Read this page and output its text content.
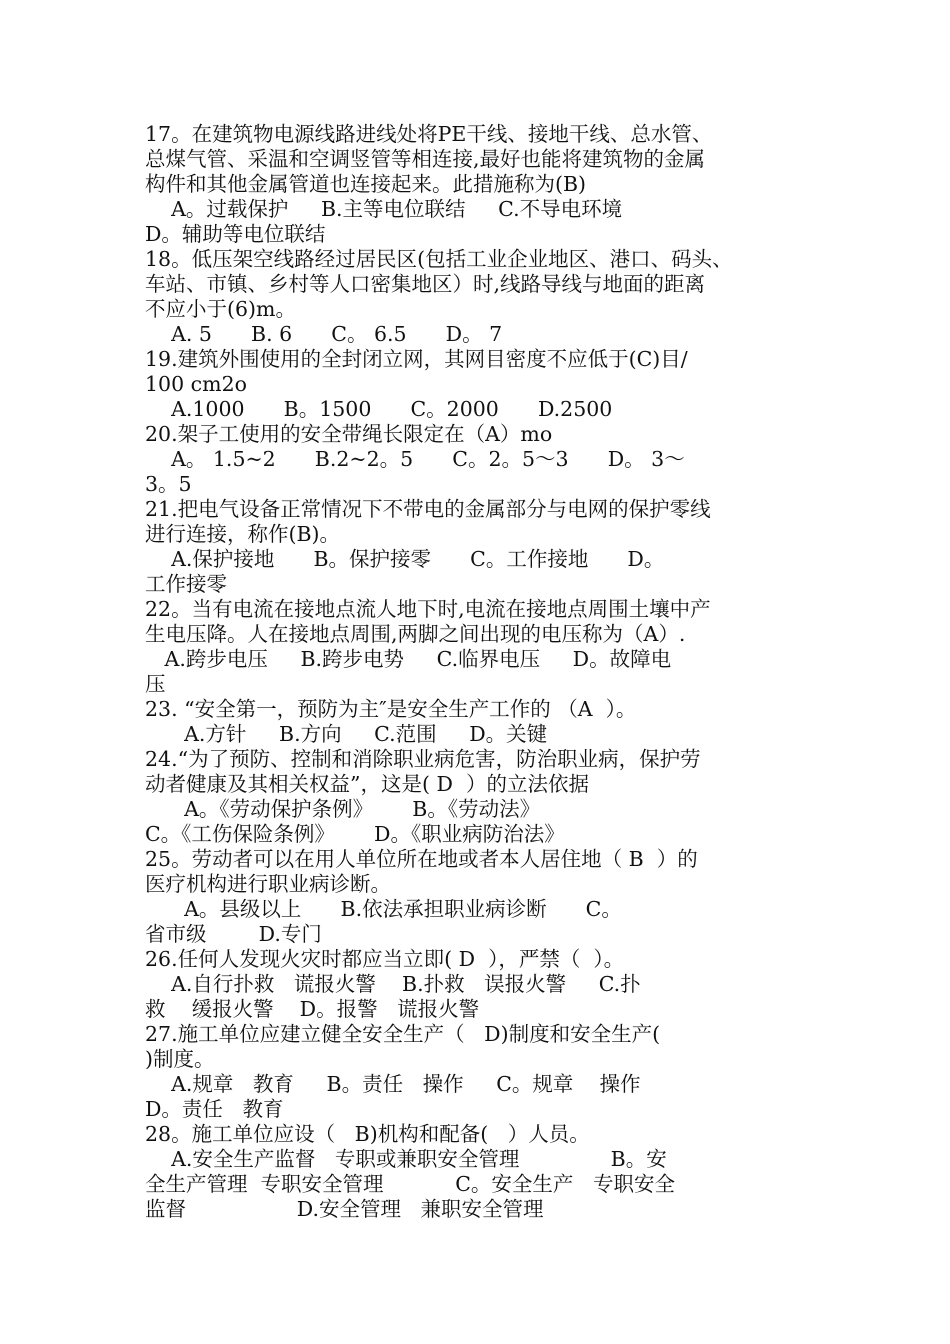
17。在建筑物电源线路进线处将PE干线、接地干线、总水管、
总煤气管、采温和空调竖管等相连接,最好也能将建筑物的金属
构件和其他金属管道也连接起来。此措施称为(B)
A。过载保护     B.主等电位联结     C.不导电环境
D。辅助等电位联结
18。低压架空线路经过居民区(包括工业企业地区、港口、码头、
车站、市镇、乡村等人口密集地区）时,线路导线与地面的距离
不应小于(6)m。
A. 5      B. 6      C。 6.5      D。 7
19.建筑外围使用的全封闭立网，其网目密度不应低于(C)目/
100 cm2o
A.1000      B。1500      C。2000      D.2500
20.架子工使用的安全带绳长限定在（A）mo
A。 1.5~2      B.2~2。5      C。2。5～3      D。 3～
3。5
21.把电气设备正常情况下不带电的金属部分与电网的保护零线
进行连接，称作(B)。
A.保护接地      B。保护接零      C。工作接地      D。
工作接零
22。当有电流在接地点流人地下时,电流在接地点周围土壤中产
生电压降。人在接地点周围,两脚之间出现的电压称为（A）.
A.跨步电压     B.跨步电势     C.临界电压     D。故障电
压
23. “安全第一，预防为主″是安全生产工作的 （A  ）。
A.方针     B.方向     C.范围     D。关键
24.“为了预防、控制和消除职业病危害，防治职业病，保护劳
动者健康及其相关权益”，这是( D  ）的立法依据
A。《劳动保护条例》      B。《劳动法》
C。《工伤保险条例》      D。《职业病防治法》
25。劳动者可以在用人单位所在地或者本人居住地（ B  ）的
医疗机构进行职业病诊断。
A。县级以上      B.依法承担职业病诊断      C。
省市级        D.专门
26.任何人发现火灾时都应当立即( D  ），严禁（  ）。
A.自行扑救   谎报火警    B.扑救   误报火警     C.扑
救    缓报火警    D。报警   谎报火警
27.施工单位应建立健全安全生产（   D)制度和安全生产(
)制度。
A.规章   教育     B。责任   操作     C。规章    操作
D。责任   教育
28。施工单位应设（   B)机构和配备(   ）人员。
A.安全生产监督   专职或兼职安全管理              B。安
全生产管理  专职安全管理           C。安全生产   专职安全
监督                 D.安全管理   兼职安全管理
